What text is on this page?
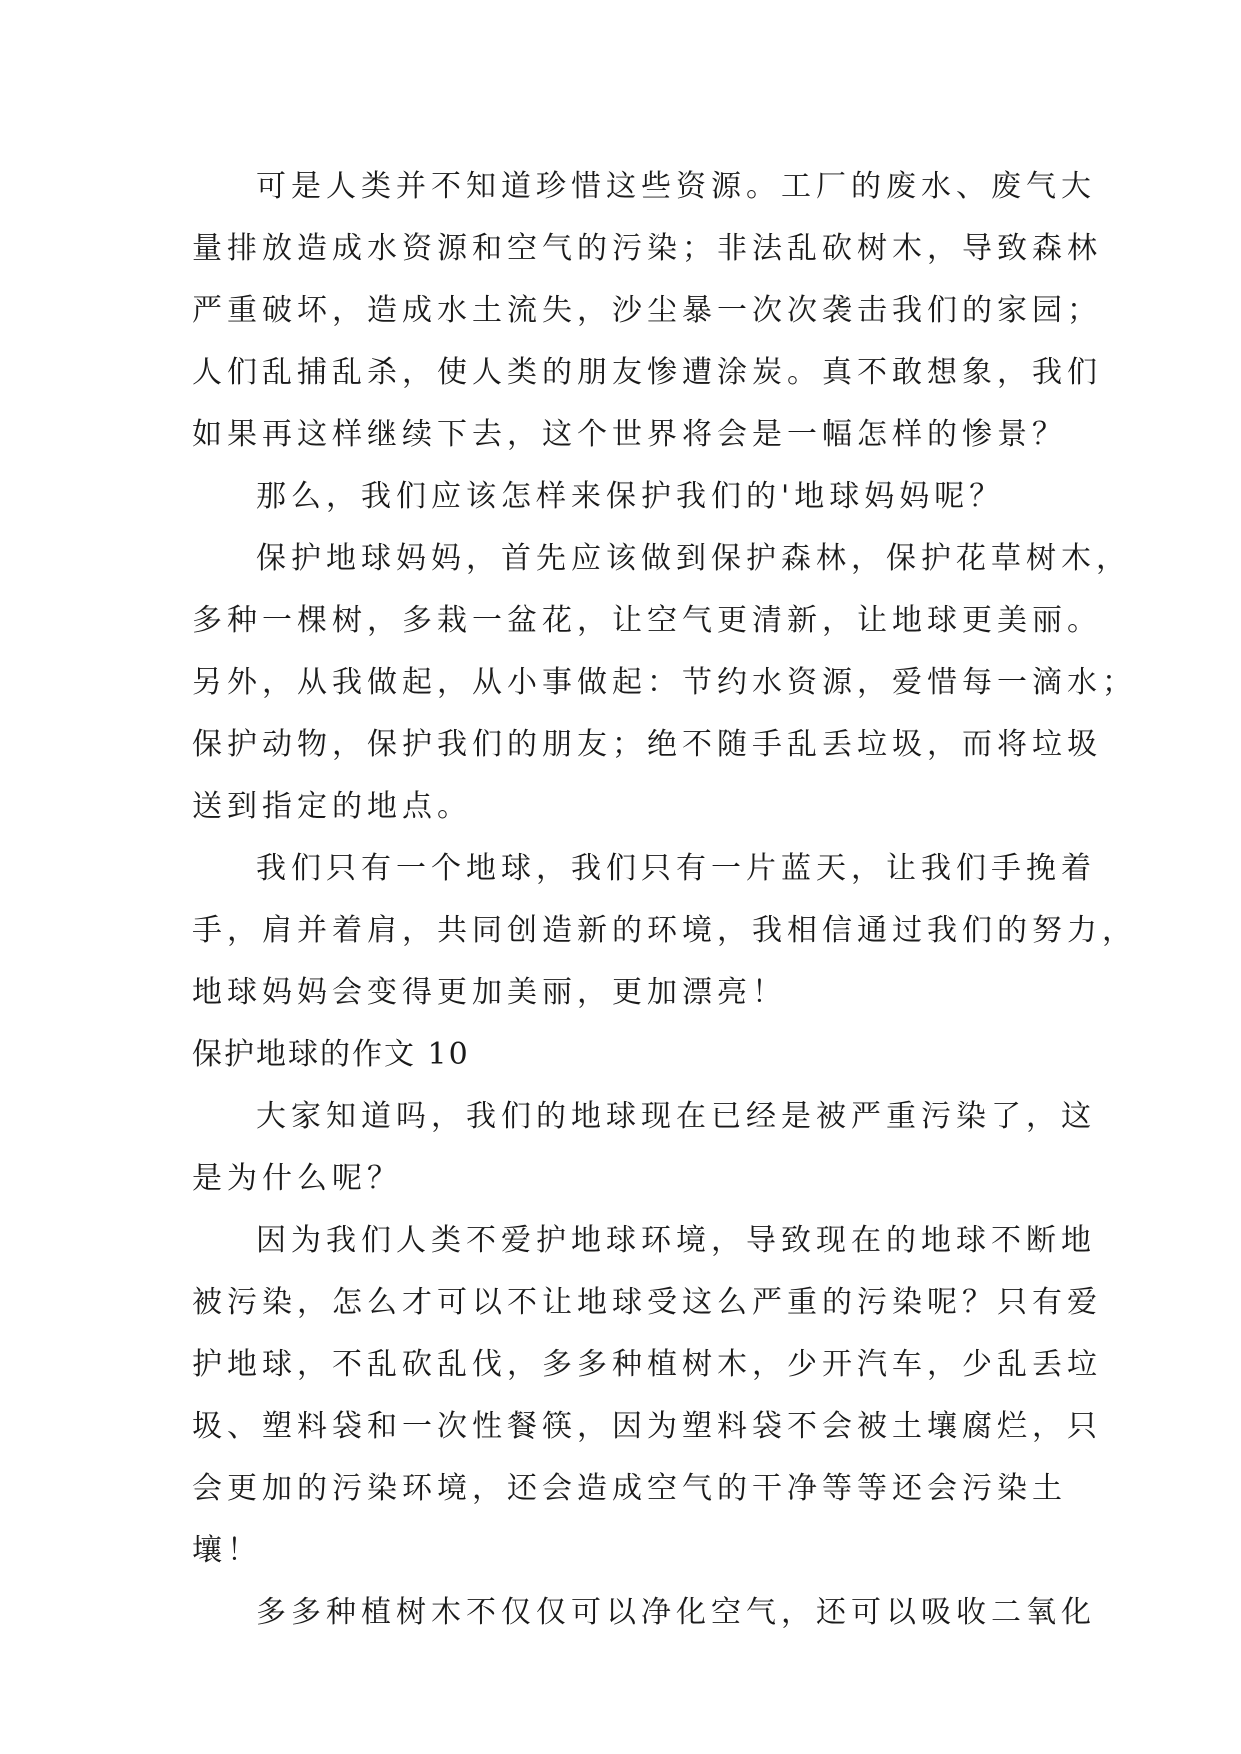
可是人类并不知道珍惜这些资源。工厂的废水、废气大
量排放造成水资源和空气的污染；非法乱砍树木，导致森林
严重破坏，造成水土流失，沙尘暴一次次袭击我们的家园；
人们乱捕乱杀，使人类的朋友惨遭涂炭。真不敢想象，我们
如果再这样继续下去，这个世界将会是一幅怎样的惨景？
那么，我们应该怎样来保护我们的'地球妈妈呢？
保护地球妈妈，首先应该做到保护森林，保护花草树木，
多种一棵树，多栽一盆花，让空气更清新，让地球更美丽。
另外，从我做起，从小事做起：节约水资源，爱惜每一滴水；
保护动物，保护我们的朋友；绝不随手乱丢垃圾，而将垃圾
送到指定的地点。
我们只有一个地球，我们只有一片蓝天，让我们手挽着
手，肩并着肩，共同创造新的环境，我相信通过我们的努力，
地球妈妈会变得更加美丽，更加漂亮！
保护地球的作文 10
大家知道吗，我们的地球现在已经是被严重污染了，这
是为什么呢？
因为我们人类不爱护地球环境，导致现在的地球不断地
被污染，怎么才可以不让地球受这么严重的污染呢？只有爱
护地球，不乱砍乱伐，多多种植树木，少开汽车，少乱丢垃
圾、塑料袋和一次性餐筷，因为塑料袋不会被土壤腐烂，只
会更加的污染环境，还会造成空气的干净等等还会污染土
壤！
多多种植树木不仅仅可以净化空气，还可以吸收二氧化
